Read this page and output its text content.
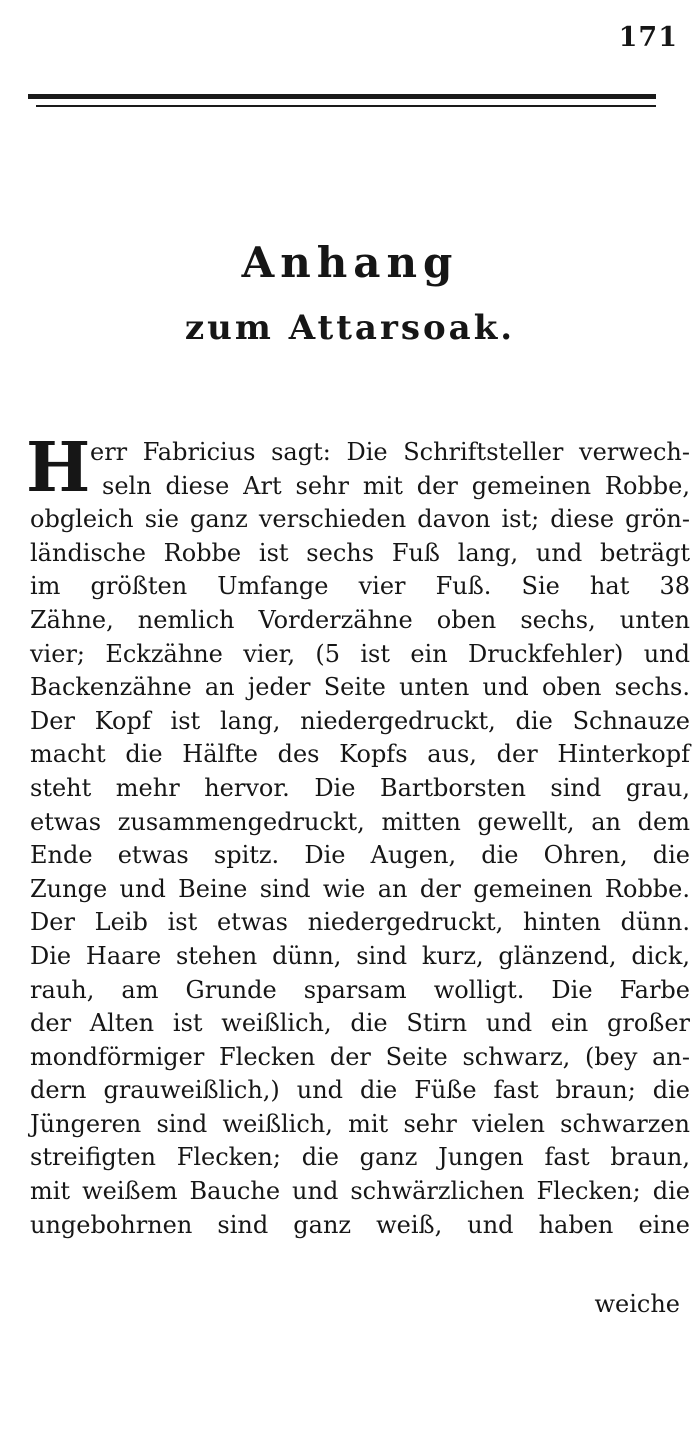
171
Anhang
zum Attarsoak.
H err Fabricius sagt: Die Schriftsteller verwech-
seln diese Art sehr mit der gemeinen Robbe,
obgleich sie ganz verschieden davon ist; diese grön-
ländische Robbe ist sechs Fuß lang, und beträgt
im größten Umfange vier Fuß. Sie hat 38
Zähne, nemlich Vorderzähne oben sechs, unten
vier; Eckzähne vier, (5 ist ein Druckfehler) und
Backenzähne an jeder Seite unten und oben sechs.
Der Kopf ist lang, niedergedruckt, die Schnauze
macht die Hälfte des Kopfs aus, der Hinterkopf
steht mehr hervor. Die Bartborsten sind grau,
etwas zusammengedruckt, mitten gewellt, an dem
Ende etwas spitz. Die Augen, die Ohren, die
Zunge und Beine sind wie an der gemeinen Robbe.
Der Leib ist etwas niedergedruckt, hinten dünn.
Die Haare stehen dünn, sind kurz, glänzend, dick,
rauh, am Grunde sparsam wolligt. Die Farbe
der Alten ist weißlich, die Stirn und ein großer
mondförmiger Flecken der Seite schwarz, (bey an-
dern grauweißlich,) und die Füße fast braun; die
Jüngeren sind weißlich, mit sehr vielen schwarzen
streifigten Flecken; die ganz Jungen fast braun,
mit weißem Bauche und schwärzlichen Flecken; die
ungebohrnen sind ganz weiß, und haben eine
weiche
